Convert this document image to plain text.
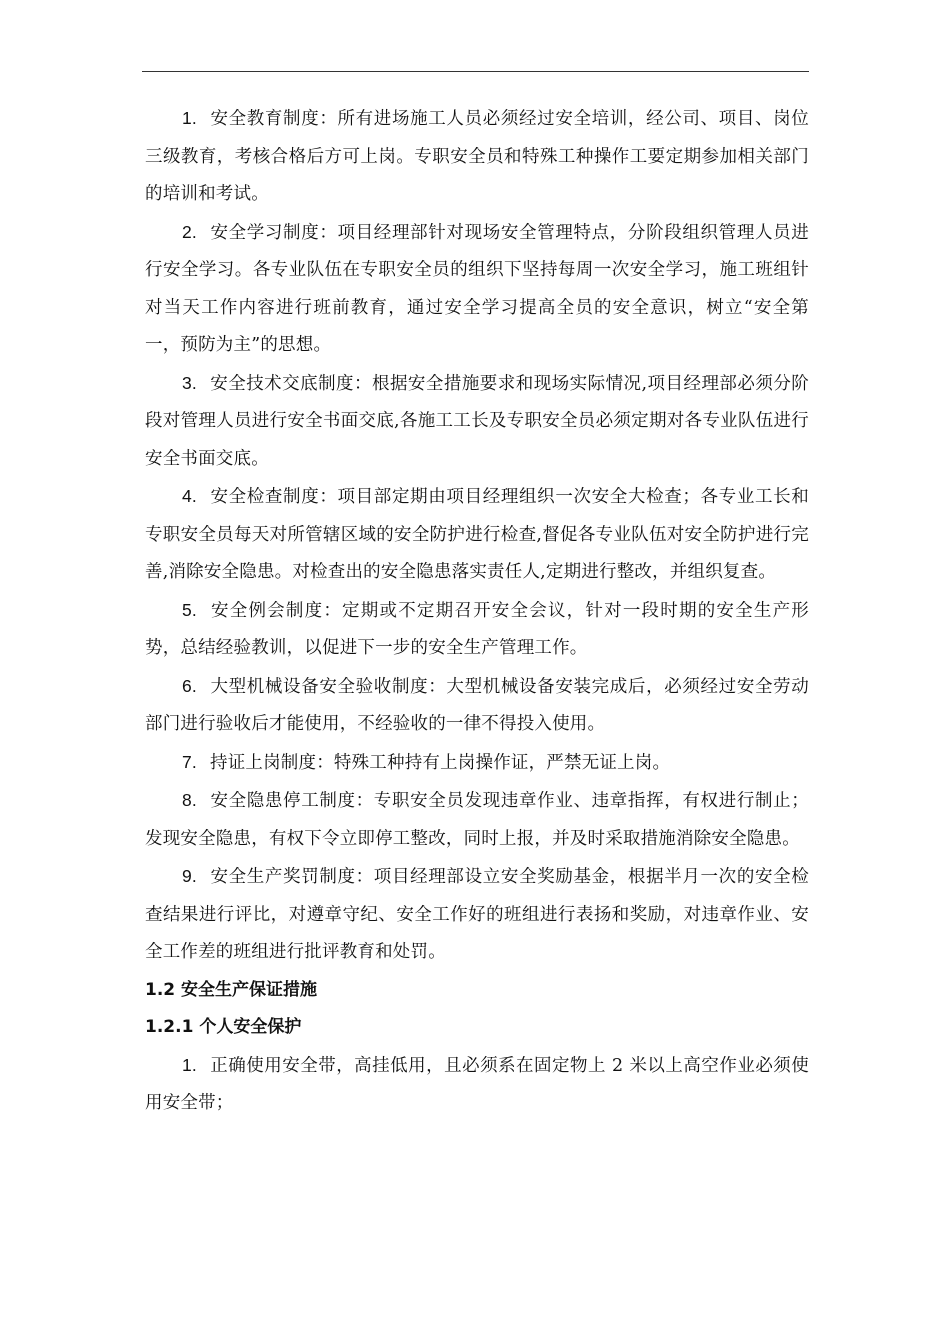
1. 安全教育制度：所有进场施工人员必须经过安全培训，经公司、项目、岗位三级教育，考核合格后方可上岗。专职安全员和特殊工种操作工要定期参加相关部门的培训和考试。

2. 安全学习制度：项目经理部针对现场安全管理特点，分阶段组织管理人员进行安全学习。各专业队伍在专职安全员的组织下坚持每周一次安全学习，施工班组针对当天工作内容进行班前教育，通过安全学习提高全员的安全意识，树立“安全第一，预防为主”的思想。

3. 安全技术交底制度：根据安全措施要求和现场实际情况,项目经理部必须分阶段对管理人员进行安全书面交底,各施工工长及专职安全员必须定期对各专业队伍进行安全书面交底。

4. 安全检查制度：项目部定期由项目经理组织一次安全大检查；各专业工长和专职安全员每天对所管辖区域的安全防护进行检查,督促各专业队伍对安全防护进行完善,消除安全隐患。对检查出的安全隐患落实责任人,定期进行整改，并组织复查。

5. 安全例会制度：定期或不定期召开安全会议，针对一段时期的安全生产形势，总结经验教训，以促进下一步的安全生产管理工作。

6. 大型机械设备安全验收制度：大型机械设备安装完成后，必须经过安全劳动部门进行验收后才能使用，不经验收的一律不得投入使用。

7. 持证上岗制度：特殊工种持有上岗操作证，严禁无证上岗。

8. 安全隐患停工制度：专职安全员发现违章作业、违章指挥，有权进行制止；发现安全隐患，有权下令立即停工整改，同时上报，并及时采取措施消除安全隐患。

9. 安全生产奖罚制度：项目经理部设立安全奖励基金，根据半月一次的安全检查结果进行评比，对遵章守纪、安全工作好的班组进行表扬和奖励，对违章作业、安全工作差的班组进行批评教育和处罚。

1.2 安全生产保证措施

1.2.1 个人安全保护

1. 正确使用安全带，高挂低用，且必须系在固定物上 2 米以上高空作业必须使用安全带；
